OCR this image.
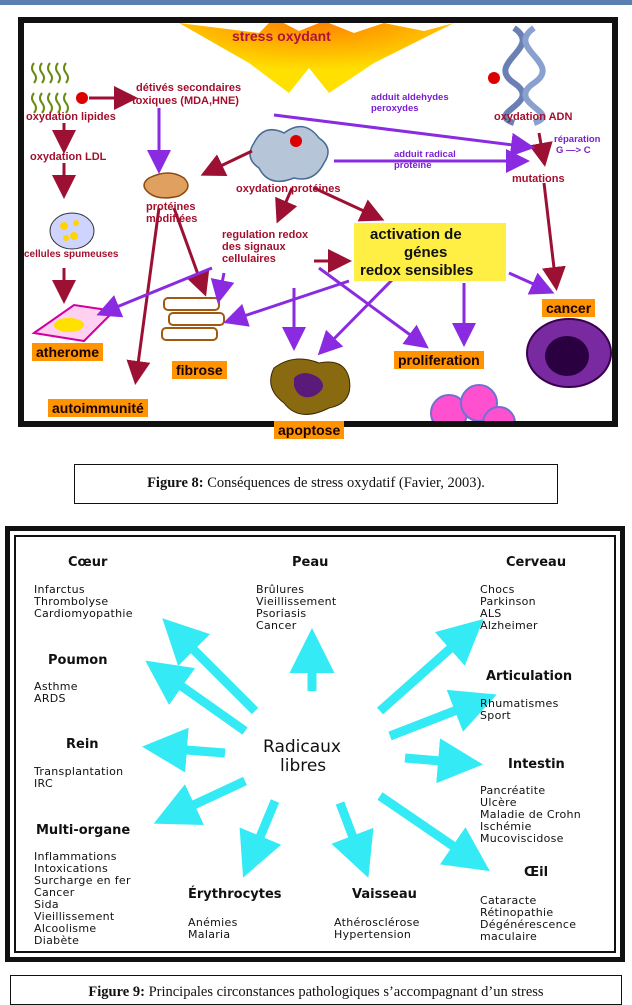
stress oxydant
oxydation lipides
détivés secondaires
toxiques (MDA,HNE)	adduit aldehydes
peroxydes
oxydation ADN
oxydation LDL
protéines
modifiées
adduit radical
protéine
réparation
G —> C
mutations
oxydation protéines
cellules spumeuses
regulation redox
des signaux
cellulaires
activation de
génes
redox sensibles
cancer
atherome
fibrose
proliferation
autoimmunité
apoptose
Figure 8: Conséquences de stress oxydatif (Favier, 2003).
Radicaux
libres
Cœur
Infarctus
Thrombolyse
Cardiomyopathie
Peau
Brûlures
Vieillissement
Psoriasis
Cancer
Cerveau
Chocs
Parkinson
ALS
Alzheimer
Poumon
Asthme
ARDS
Articulation
Rhumatismes
Sport
Rein
Transplantation
IRC
Intestin
Pancréatite
Ulcère
Maladie de Crohn
Ischémie
Mucoviscidose
Multi-organe
Inflammations
Intoxications
Surcharge en fer
Cancer
Sida
Vieillissement
Alcoolisme
Diabète
Érythrocytes
Anémies
Malaria
Vaisseau
Athérosclérose
Hypertension
Œil
Cataracte
Rétinopathie
Dégénérescence
maculaire
Figure 9: Principales circonstances pathologiques s’accompagnant d’un stress
